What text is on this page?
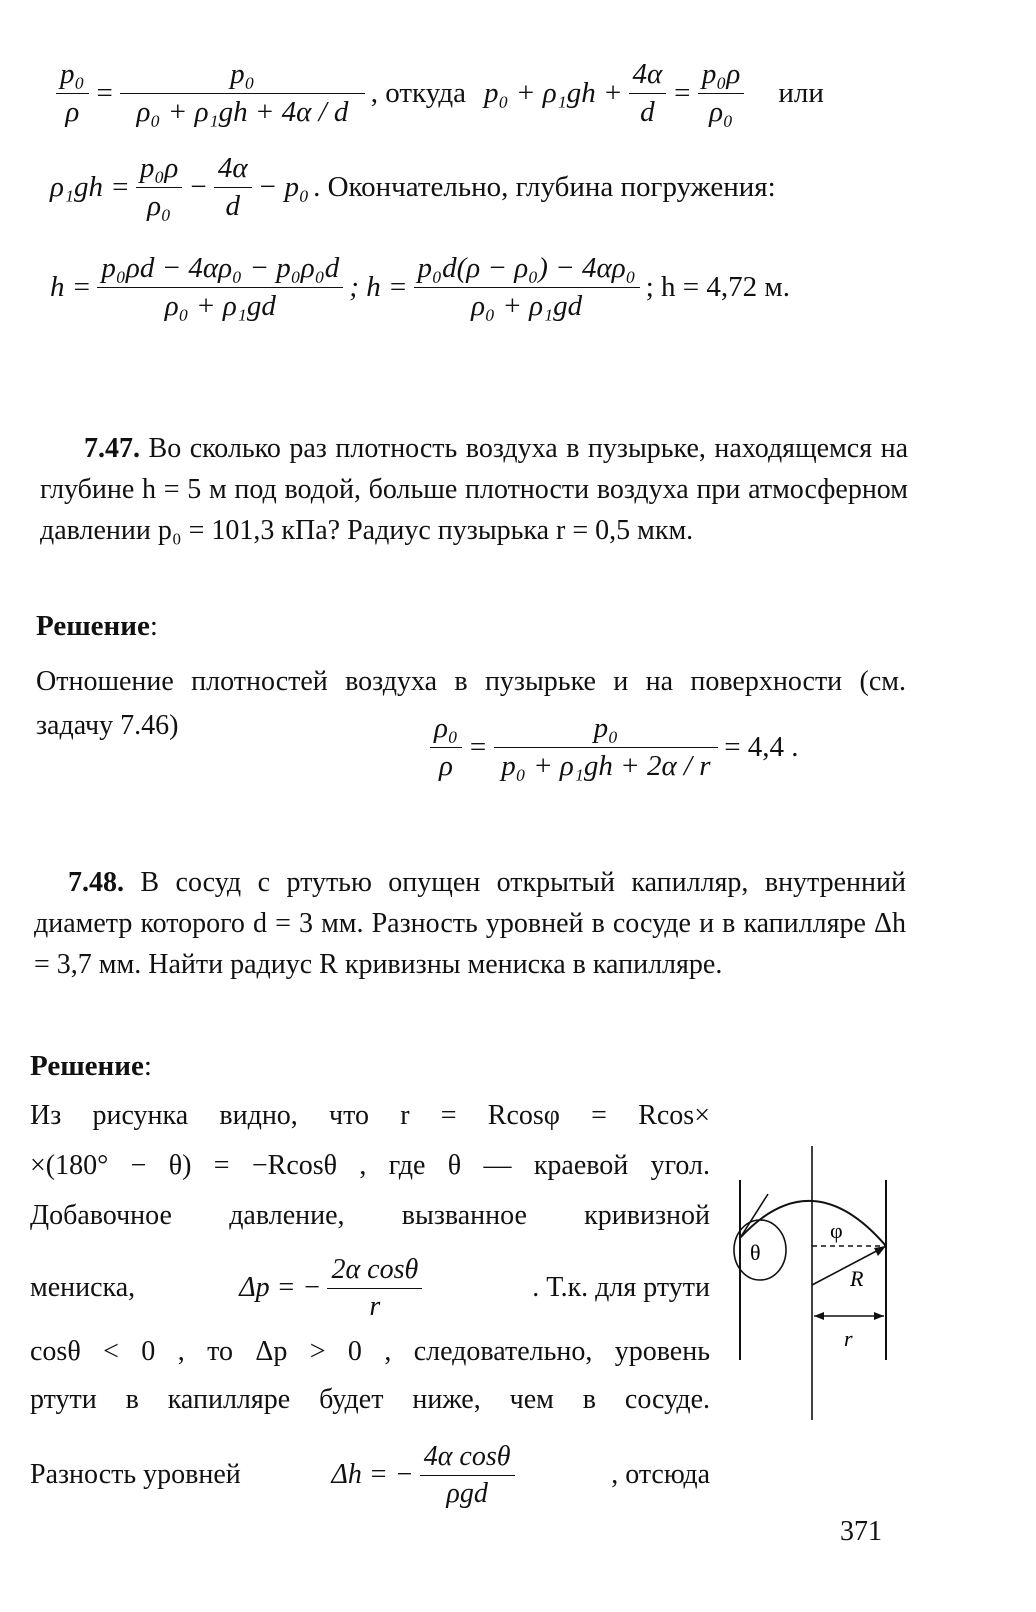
$\frac{\text{p₀}}{\rho} = \frac{\text{p₀}}{\text{ρ₀ + ρ₁gh + 4α / d}}$ , откуда $p_0 + \rho_1gh + \frac{4\alpha}{d} = \frac{\text{p₀ρ}}{\text{ρ₀}}$ или
$\rho_1gh = \frac{\text{p₀ρ}}{\text{ρ₀}} - \frac{4\alpha}{d} - p_0$ . Окончательно, глубина погружения:
$h = \frac{\text{p₀ρd − 4αρ₀ − p₀ρ₀d}}{\text{ρ₀ + ρ₁gd}}$ ; $h = \frac{\text{p₀d(ρ − ρ₀) − 4αρ₀}}{\text{ρ₀ + ρ₁gd}}$ ; h = 4,72 м.
7.47. Во сколько раз плотность воздуха в пузырьке, находящемся на глубине h = 5 м под водой, больше плотности воздуха при атмосферном давлении p₀ = 101,3 кПа? Радиус пузырька r = 0,5 мкм.
Решение:
Отношение плотностей воздуха в пузырьке и на поверхности (см. задачу 7.46)	$\frac{\text{ρ₀}}{\rho} = \frac{\text{p₀}}{\text{p₀ + ρ₁gh + 2α / r}} = 4,4$ .
7.48. В сосуд с ртутью опущен открытый капилляр, внутренний диаметр которого d = 3 мм. Разность уровней в сосуде и в капилляре Δh = 3,7 мм. Найти радиус R кривизны мениска в капилляре.
Решение:
Из рисунка видно, что r = Rcosφ = Rcos×
×(180° − θ) = −Rcosθ , где θ — краевой угол.
Добавочное давление, вызванное кривизной
мениска,	Δp = − $\frac{\text{2α cosθ}}{r}$	. Т.к. для ртути
cosθ < 0 , то Δp > 0 , следовательно, уровень
ртути в капилляре будет ниже, чем в сосуде.
Разность уровней	Δh = − $\frac{\text{4α cosθ}}{\text{ρgd}}$	, отсюда
θ
φ
R
r
371
